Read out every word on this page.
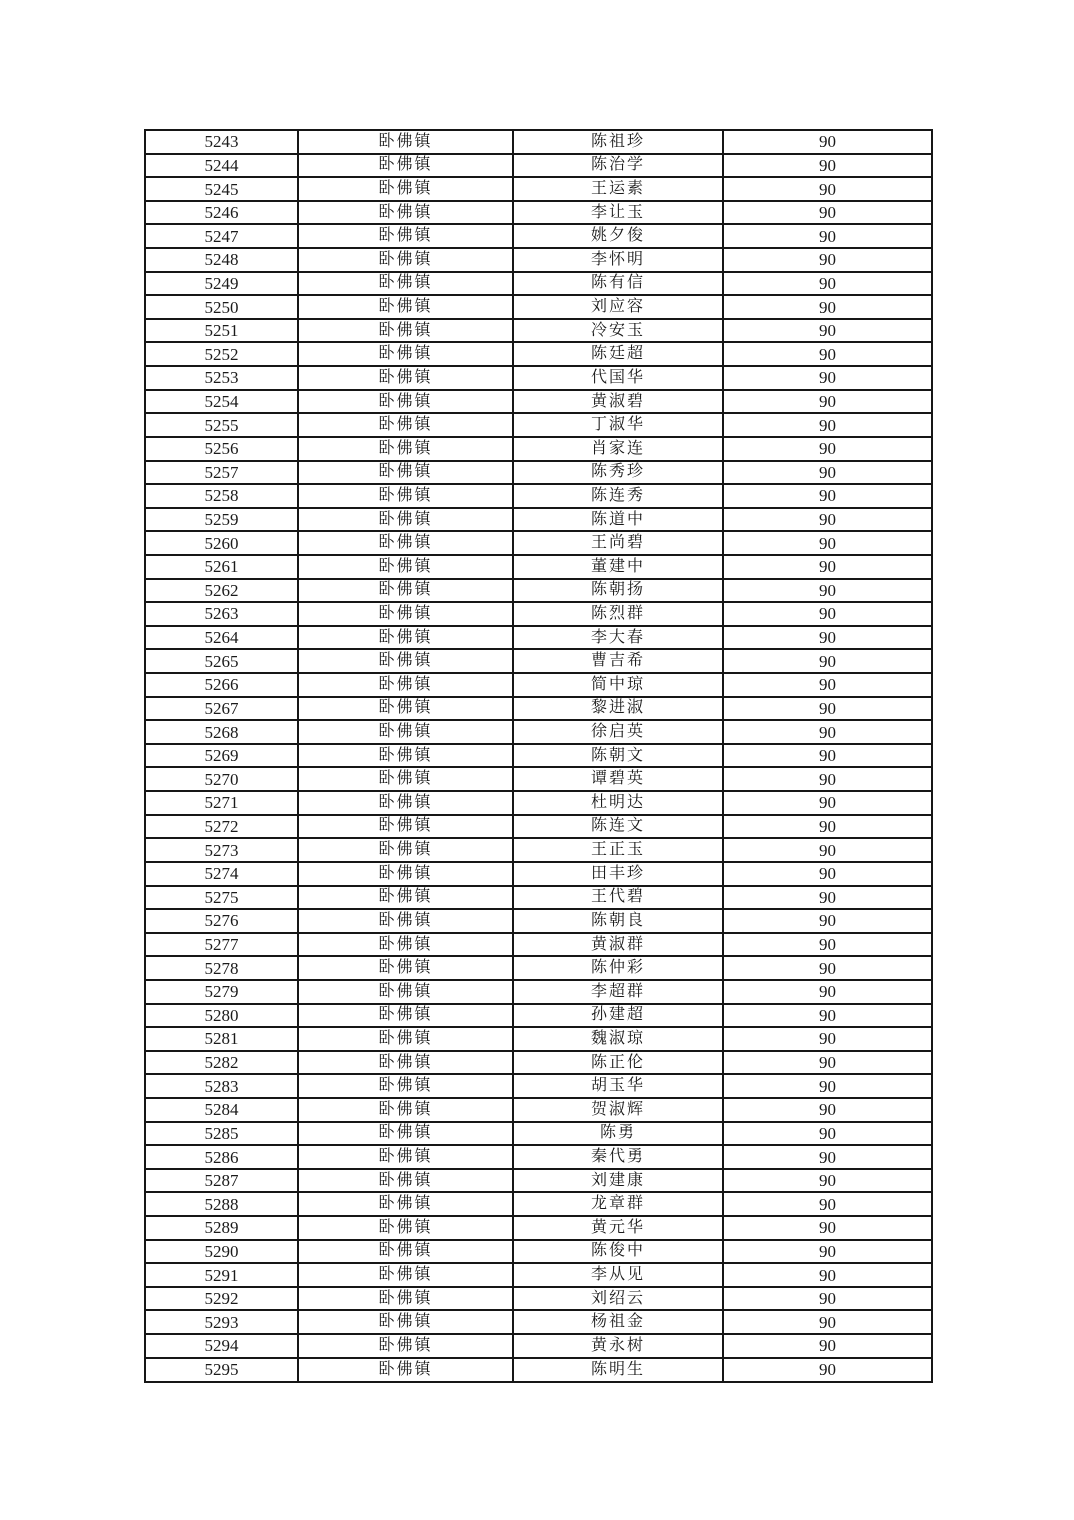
5243	卧佛镇	陈祖珍	90
5244	卧佛镇	陈治学	90
5245	卧佛镇	王运素	90
5246	卧佛镇	李让玉	90
5247	卧佛镇	姚夕俊	90
5248	卧佛镇	李怀明	90
5249	卧佛镇	陈有信	90
5250	卧佛镇	刘应容	90
5251	卧佛镇	冷安玉	90
5252	卧佛镇	陈廷超	90
5253	卧佛镇	代国华	90
5254	卧佛镇	黄淑碧	90
5255	卧佛镇	丁淑华	90
5256	卧佛镇	肖家连	90
5257	卧佛镇	陈秀珍	90
5258	卧佛镇	陈连秀	90
5259	卧佛镇	陈道中	90
5260	卧佛镇	王尚碧	90
5261	卧佛镇	董建中	90
5262	卧佛镇	陈朝扬	90
5263	卧佛镇	陈烈群	90
5264	卧佛镇	李大春	90
5265	卧佛镇	曹吉希	90
5266	卧佛镇	简中琼	90
5267	卧佛镇	黎进淑	90
5268	卧佛镇	徐启英	90
5269	卧佛镇	陈朝文	90
5270	卧佛镇	谭碧英	90
5271	卧佛镇	杜明达	90
5272	卧佛镇	陈连文	90
5273	卧佛镇	王正玉	90
5274	卧佛镇	田丰珍	90
5275	卧佛镇	王代碧	90
5276	卧佛镇	陈朝良	90
5277	卧佛镇	黄淑群	90
5278	卧佛镇	陈仲彩	90
5279	卧佛镇	李超群	90
5280	卧佛镇	孙建超	90
5281	卧佛镇	魏淑琼	90
5282	卧佛镇	陈正伦	90
5283	卧佛镇	胡玉华	90
5284	卧佛镇	贺淑辉	90
5285	卧佛镇	陈勇	90
5286	卧佛镇	秦代勇	90
5287	卧佛镇	刘建康	90
5288	卧佛镇	龙章群	90
5289	卧佛镇	黄元华	90
5290	卧佛镇	陈俊中	90
5291	卧佛镇	李从见	90
5292	卧佛镇	刘绍云	90
5293	卧佛镇	杨祖金	90
5294	卧佛镇	黄永树	90
5295	卧佛镇	陈明生	90
